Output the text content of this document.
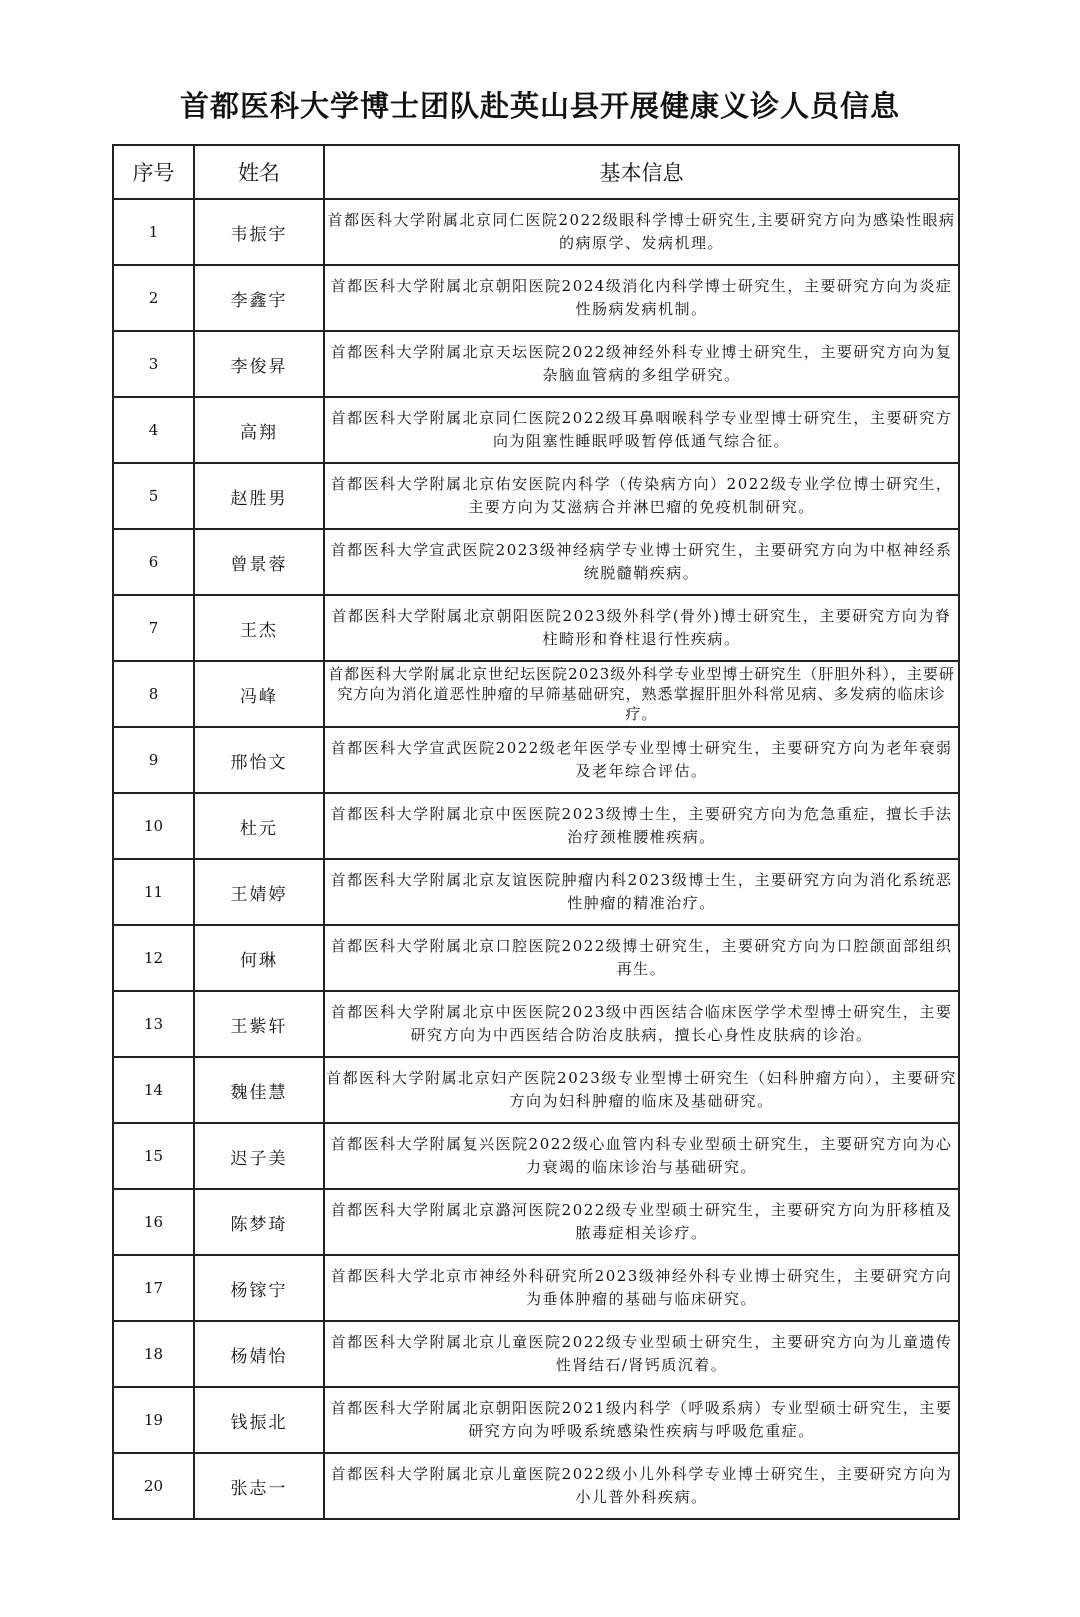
首都医科大学博士团队赴英山县开展健康义诊人员信息
序号	姓名	基本信息
1	韦振宇	首都医科大学附属北京同仁医院2022级眼科学博士研究生,主要研究方向为感染性眼病的病原学、发病机理。
2	李鑫宇	首都医科大学附属北京朝阳医院2024级消化内科学博士研究生，主要研究方向为炎症性肠病发病机制。
3	李俊昇	首都医科大学附属北京天坛医院2022级神经外科专业博士研究生，主要研究方向为复杂脑血管病的多组学研究。
4	高翔	首都医科大学附属北京同仁医院2022级耳鼻咽喉科学专业型博士研究生，主要研究方向为阻塞性睡眠呼吸暂停低通气综合征。
5	赵胜男	首都医科大学附属北京佑安医院内科学（传染病方向）2022级专业学位博士研究生，主要方向为艾滋病合并淋巴瘤的免疫机制研究。
6	曾景蓉	首都医科大学宣武医院2023级神经病学专业博士研究生，主要研究方向为中枢神经系统脱髓鞘疾病。
7	王杰	首都医科大学附属北京朝阳医院2023级外科学(骨外)博士研究生，主要研究方向为脊柱畸形和脊柱退行性疾病。
8	冯峰	首都医科大学附属北京世纪坛医院2023级外科学专业型博士研究生（肝胆外科），主要研究方向为消化道恶性肿瘤的早筛基础研究，熟悉掌握肝胆外科常见病、多发病的临床诊疗。
9	邢怡文	首都医科大学宣武医院2022级老年医学专业型博士研究生，主要研究方向为老年衰弱及老年综合评估。
10	杜元	首都医科大学附属北京中医医院2023级博士生，主要研究方向为危急重症，擅长手法治疗颈椎腰椎疾病。
11	王婧婷	首都医科大学附属北京友谊医院肿瘤内科2023级博士生，主要研究方向为消化系统恶性肿瘤的精准治疗。
12	何琳	首都医科大学附属北京口腔医院2022级博士研究生，主要研究方向为口腔颌面部组织再生。
13	王紫轩	首都医科大学附属北京中医医院2023级中西医结合临床医学学术型博士研究生，主要研究方向为中西医结合防治皮肤病，擅长心身性皮肤病的诊治。
14	魏佳慧	首都医科大学附属北京妇产医院2023级专业型博士研究生（妇科肿瘤方向），主要研究方向为妇科肿瘤的临床及基础研究。
15	迟子美	首都医科大学附属复兴医院2022级心血管内科专业型硕士研究生，主要研究方向为心力衰竭的临床诊治与基础研究。
16	陈梦琦	首都医科大学附属北京潞河医院2022级专业型硕士研究生，主要研究方向为肝移植及脓毒症相关诊疗。
17	杨镓宁	首都医科大学北京市神经外科研究所2023级神经外科专业博士研究生，主要研究方向为垂体肿瘤的基础与临床研究。
18	杨婧怡	首都医科大学附属北京儿童医院2022级专业型硕士研究生，主要研究方向为儿童遗传性肾结石/肾钙质沉着。
19	钱振北	首都医科大学附属北京朝阳医院2021级内科学（呼吸系病）专业型硕士研究生，主要研究方向为呼吸系统感染性疾病与呼吸危重症。
20	张志一	首都医科大学附属北京儿童医院2022级小儿外科学专业博士研究生，主要研究方向为小儿普外科疾病。
